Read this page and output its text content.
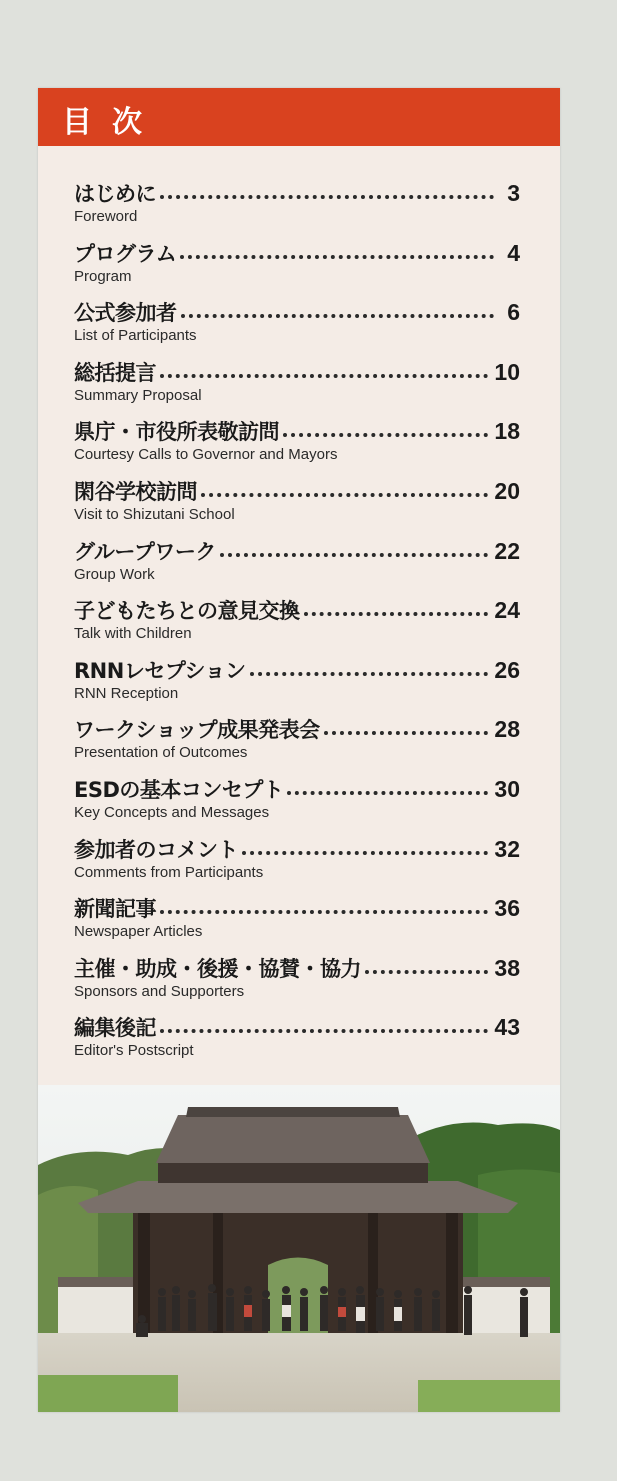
目次
はじめに	3
Foreword
プログラム	4
Program
公式参加者	6
List of Participants
総括提言	10
Summary Proposal
県庁・市役所表敬訪問	18
Courtesy Calls to Governor and Mayors
閑谷学校訪問	20
Visit to Shizutani School
グループワーク	22
Group Work
子どもたちとの意見交換	24
Talk with Children
RNNレセプション	26
RNN Reception
ワークショップ成果発表会	28
Presentation of Outcomes
ESDの基本コンセプト	30
Key Concepts and Messages
参加者のコメント	32
Comments from Participants
新聞記事	36
Newspaper Articles
主催・助成・後援・協賛・協力	38
Sponsors and Supporters
編集後記	43
Editor's Postscript
